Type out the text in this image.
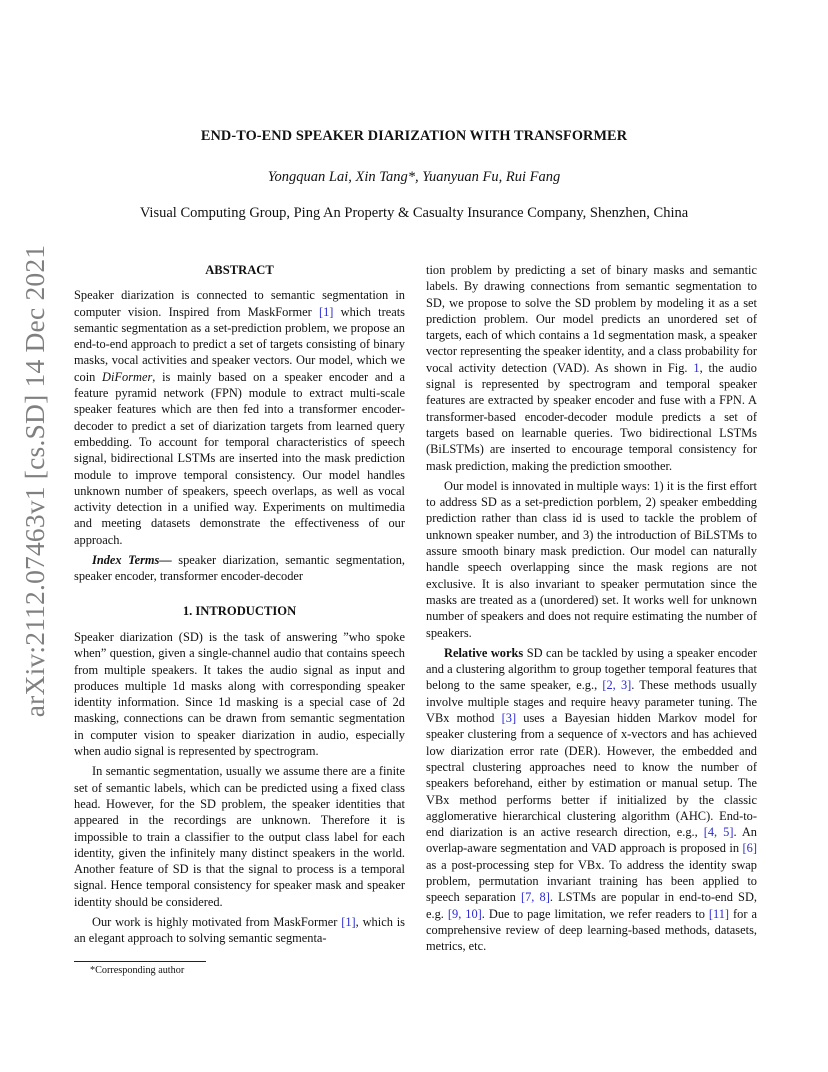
arXiv:2112.07463v1 [cs.SD] 14 Dec 2021
END-TO-END SPEAKER DIARIZATION WITH TRANSFORMER
Yongquan Lai, Xin Tang*, Yuanyuan Fu, Rui Fang
Visual Computing Group, Ping An Property & Casualty Insurance Company, Shenzhen, China
ABSTRACT

Speaker diarization is connected to semantic segmentation in computer vision. Inspired from MaskFormer [1] which treats semantic segmentation as a set-prediction problem, we propose an end-to-end approach to predict a set of targets consisting of binary masks, vocal activities and speaker vectors. Our model, which we coin DiFormer, is mainly based on a speaker encoder and a feature pyramid network (FPN) module to extract multi-scale speaker features which are then fed into a transformer encoder-decoder to predict a set of diarization targets from learned query embedding. To account for temporal characteristics of speech signal, bidirectional LSTMs are inserted into the mask prediction module to improve temporal consistency. Our model handles unknown number of speakers, speech overlaps, as well as vocal activity detection in a unified way. Experiments on multimedia and meeting datasets demonstrate the effectiveness of our approach.

Index Terms— speaker diarization, semantic segmentation, speaker encoder, transformer encoder-decoder

1. INTRODUCTION

Speaker diarization (SD) is the task of answering ”who spoke when” question, given a single-channel audio that contains speech from multiple speakers. It takes the audio signal as input and produces multiple 1d masks along with corresponding speaker identity information. Since 1d masking is a special case of 2d masking, connections can be drawn from semantic segmentation in computer vision to speaker diarization in audio, especially when audio signal is represented by spectrogram.

In semantic segmentation, usually we assume there are a finite set of semantic labels, which can be predicted using a fixed class head. However, for the SD problem, the speaker identities that appeared in the recordings are unknown. Therefore it is impossible to train a classifier to the output class label for each identity, given the infinitely many distinct speakers in the world. Another feature of SD is that the signal to process is a temporal signal. Hence temporal consistency for speaker mask and speaker identity should be considered.

Our work is highly motivated from MaskFormer [1], which is an elegant approach to solving semantic segmenta-

tion problem by predicting a set of binary masks and semantic labels. By drawing connections from semantic segmentation to SD, we propose to solve the SD problem by modeling it as a set prediction problem. Our model predicts an unordered set of targets, each of which contains a 1d segmentation mask, a speaker vector representing the speaker identity, and a class probability for vocal activity detection (VAD). As shown in Fig. 1, the audio signal is represented by spectrogram and temporal speaker features are extracted by speaker encoder and fuse with a FPN. A transformer-based encoder-decoder module predicts a set of targets based on learnable queries. Two bidirectional LSTMs (BiLSTMs) are inserted to encourage temporal consistency for mask prediction, making the prediction smoother.

Our model is innovated in multiple ways: 1) it is the first effort to address SD as a set-prediction porblem, 2) speaker embedding prediction rather than class id is used to tackle the problem of unknown speaker number, and 3) the introduction of BiLSTMs to assure smooth binary mask prediction. Our model can naturally handle speech overlapping since the mask regions are not exclusive. It is also invariant to speaker permutation since the masks are treated as a (unordered) set. It works well for unknown number of speakers and does not require estimating the number of speakers.

Relative works SD can be tackled by using a speaker encoder and a clustering algorithm to group together temporal features that belong to the same speaker, e.g., [2, 3]. These methods usually involve multiple stages and require heavy parameter tuning. The VBx mothod [3] uses a Bayesian hidden Markov model for speaker clustering from a sequence of x-vectors and has achieved low diarization error rate (DER). However, the embedded and spectral clustering approaches need to know the number of speakers beforehand, either by estimation or manual setup. The VBx method performs better if initialized by the classic agglomerative hierarchical clustering algorithm (AHC). End-to-end diarization is an active research direction, e.g., [4, 5]. An overlap-aware segmentation and VAD approach is proposed in [6] as a post-processing step for VBx. To address the identity swap problem, permutation invariant training has been applied to speech separation [7, 8]. LSTMs are popular in end-to-end SD, e.g. [9, 10]. Due to page limitation, we refer readers to [11] for a comprehensive review of deep learning-based methods, datasets, metrics, etc.

*Corresponding author
